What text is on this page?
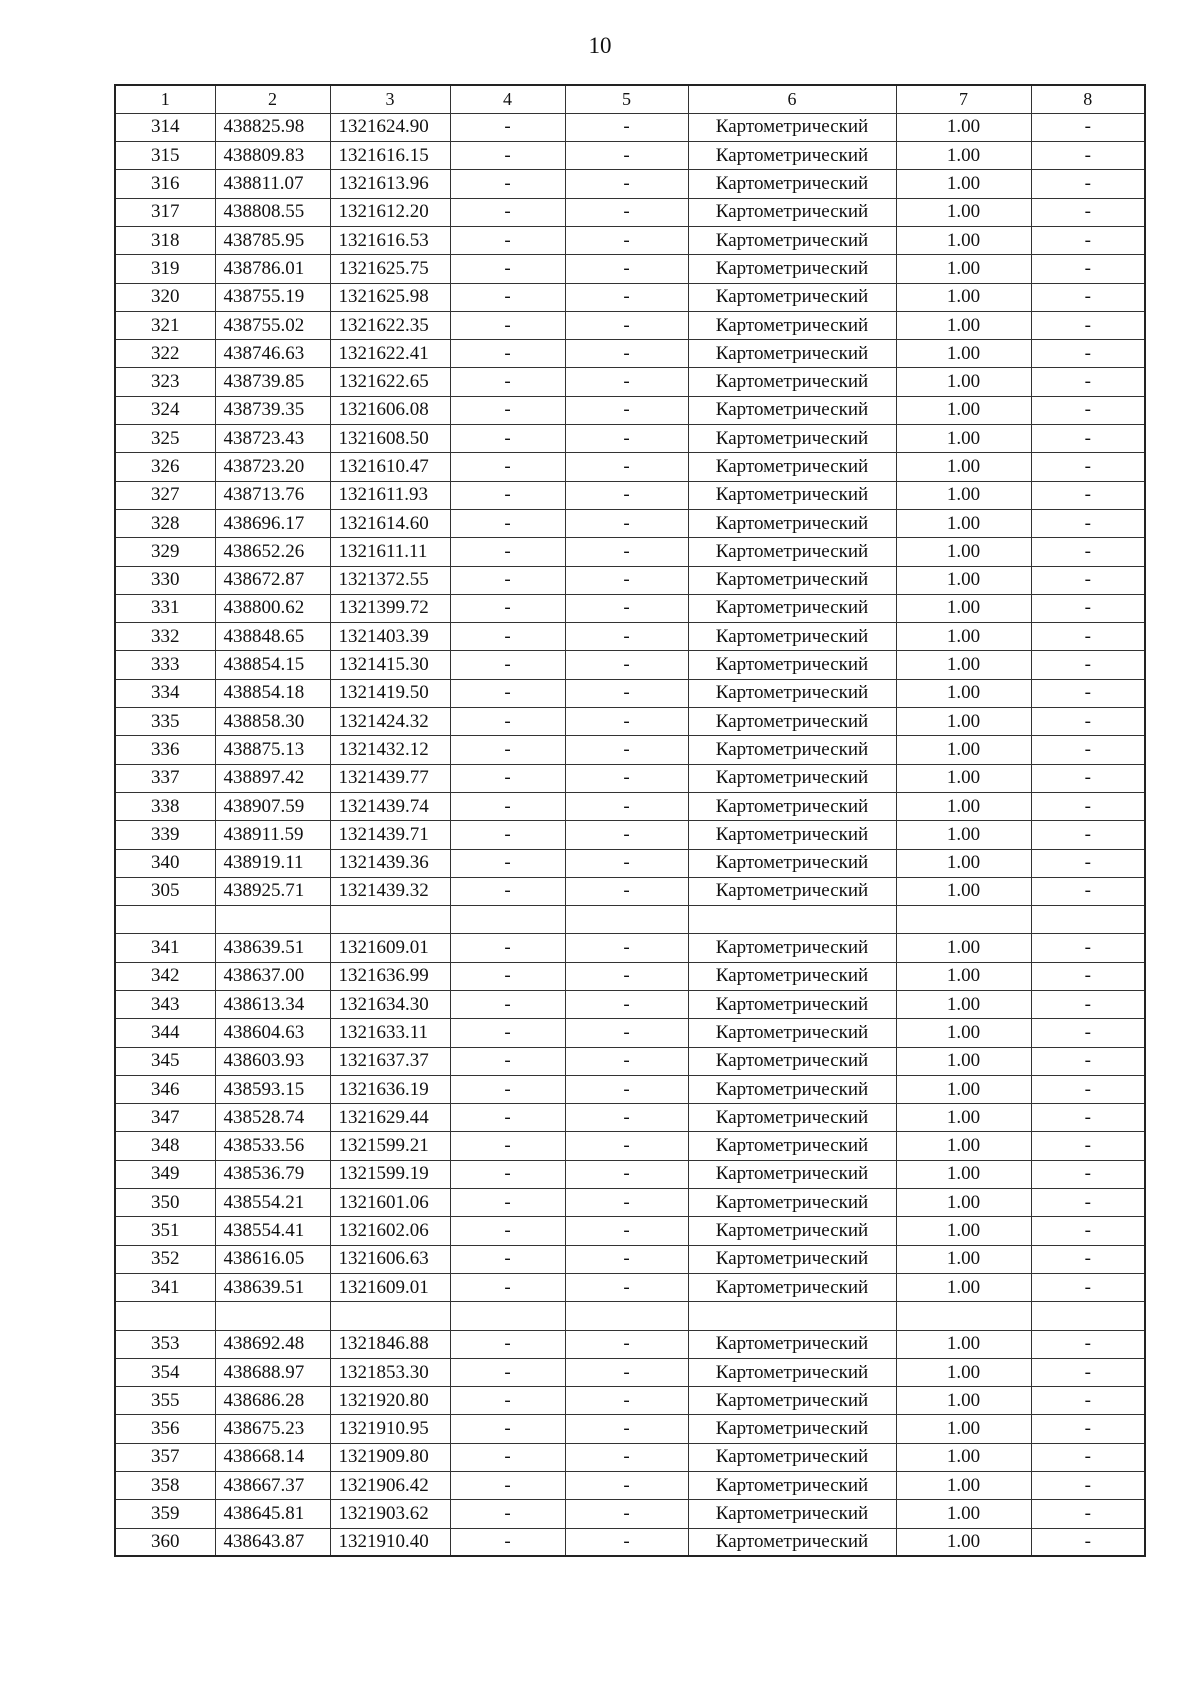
10
1	2	3	4	5	6	7	8
314	438825.98	1321624.90	-	-	Картометрический	1.00	-
315	438809.83	1321616.15	-	-	Картометрический	1.00	-
316	438811.07	1321613.96	-	-	Картометрический	1.00	-
317	438808.55	1321612.20	-	-	Картометрический	1.00	-
318	438785.95	1321616.53	-	-	Картометрический	1.00	-
319	438786.01	1321625.75	-	-	Картометрический	1.00	-
320	438755.19	1321625.98	-	-	Картометрический	1.00	-
321	438755.02	1321622.35	-	-	Картометрический	1.00	-
322	438746.63	1321622.41	-	-	Картометрический	1.00	-
323	438739.85	1321622.65	-	-	Картометрический	1.00	-
324	438739.35	1321606.08	-	-	Картометрический	1.00	-
325	438723.43	1321608.50	-	-	Картометрический	1.00	-
326	438723.20	1321610.47	-	-	Картометрический	1.00	-
327	438713.76	1321611.93	-	-	Картометрический	1.00	-
328	438696.17	1321614.60	-	-	Картометрический	1.00	-
329	438652.26	1321611.11	-	-	Картометрический	1.00	-
330	438672.87	1321372.55	-	-	Картометрический	1.00	-
331	438800.62	1321399.72	-	-	Картометрический	1.00	-
332	438848.65	1321403.39	-	-	Картометрический	1.00	-
333	438854.15	1321415.30	-	-	Картометрический	1.00	-
334	438854.18	1321419.50	-	-	Картометрический	1.00	-
335	438858.30	1321424.32	-	-	Картометрический	1.00	-
336	438875.13	1321432.12	-	-	Картометрический	1.00	-
337	438897.42	1321439.77	-	-	Картометрический	1.00	-
338	438907.59	1321439.74	-	-	Картометрический	1.00	-
339	438911.59	1321439.71	-	-	Картометрический	1.00	-
340	438919.11	1321439.36	-	-	Картометрический	1.00	-
305	438925.71	1321439.32	-	-	Картометрический	1.00	-

341	438639.51	1321609.01	-	-	Картометрический	1.00	-
342	438637.00	1321636.99	-	-	Картометрический	1.00	-
343	438613.34	1321634.30	-	-	Картометрический	1.00	-
344	438604.63	1321633.11	-	-	Картометрический	1.00	-
345	438603.93	1321637.37	-	-	Картометрический	1.00	-
346	438593.15	1321636.19	-	-	Картометрический	1.00	-
347	438528.74	1321629.44	-	-	Картометрический	1.00	-
348	438533.56	1321599.21	-	-	Картометрический	1.00	-
349	438536.79	1321599.19	-	-	Картометрический	1.00	-
350	438554.21	1321601.06	-	-	Картометрический	1.00	-
351	438554.41	1321602.06	-	-	Картометрический	1.00	-
352	438616.05	1321606.63	-	-	Картометрический	1.00	-
341	438639.51	1321609.01	-	-	Картометрический	1.00	-

353	438692.48	1321846.88	-	-	Картометрический	1.00	-
354	438688.97	1321853.30	-	-	Картометрический	1.00	-
355	438686.28	1321920.80	-	-	Картометрический	1.00	-
356	438675.23	1321910.95	-	-	Картометрический	1.00	-
357	438668.14	1321909.80	-	-	Картометрический	1.00	-
358	438667.37	1321906.42	-	-	Картометрический	1.00	-
359	438645.81	1321903.62	-	-	Картометрический	1.00	-
360	438643.87	1321910.40	-	-	Картометрический	1.00	-
